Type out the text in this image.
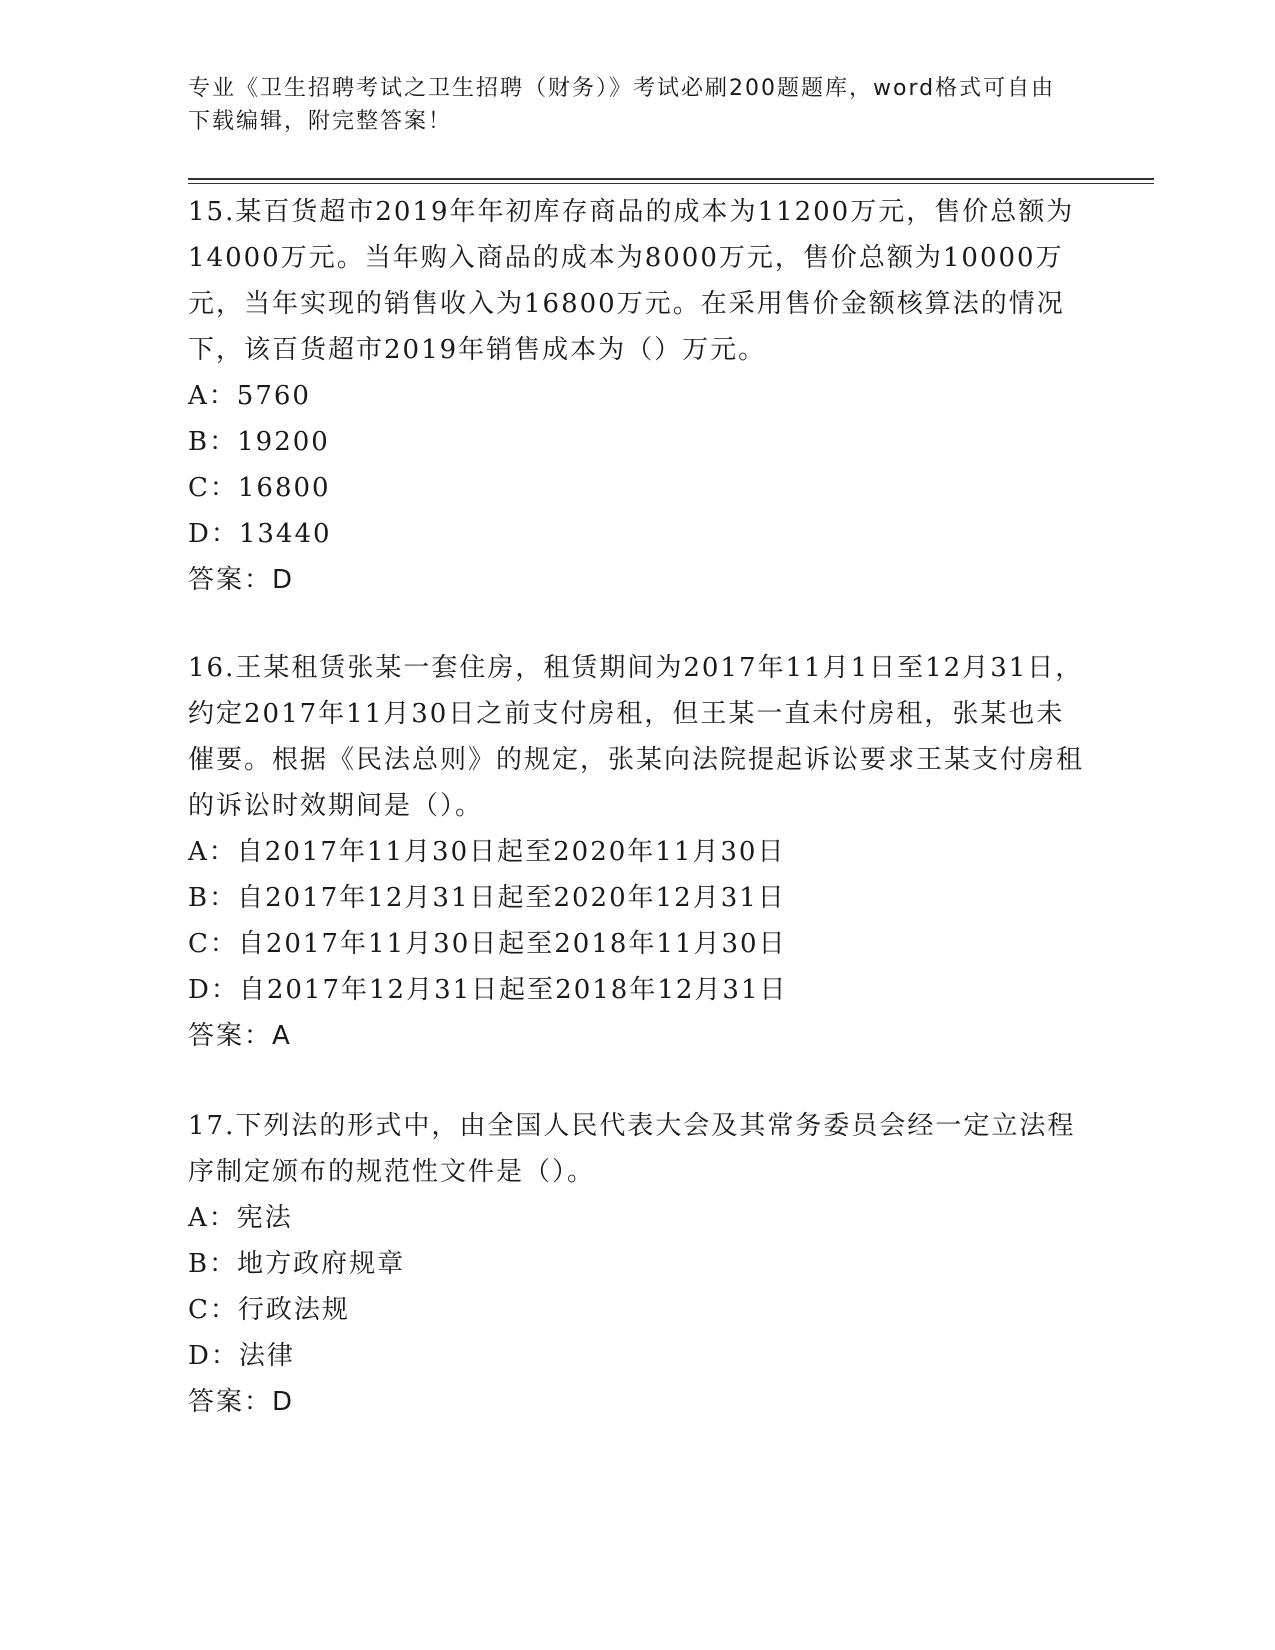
专业《卫生招聘考试之卫生招聘（财务）》考试必刷200题题库，word格式可自由下载编辑，附完整答案！

15.某百货超市2019年年初库存商品的成本为11200万元，售价总额为14000万元。当年购入商品的成本为8000万元，售价总额为10000万元，当年实现的销售收入为16800万元。在采用售价金额核算法的情况下，该百货超市2019年销售成本为（）万元。

A：5760

B：19200

C：16800

D：13440

答案：D

16.王某租赁张某一套住房，租赁期间为2017年11月1日至12月31日，约定2017年11月30日之前支付房租，但王某一直未付房租，张某也未催要。根据《民法总则》的规定，张某向法院提起诉讼要求王某支付房租的诉讼时效期间是（）。

A：自2017年11月30日起至2020年11月30日

B：自2017年12月31日起至2020年12月31日

C：自2017年11月30日起至2018年11月30日

D：自2017年12月31日起至2018年12月31日

答案：A

17.下列法的形式中，由全国人民代表大会及其常务委员会经一定立法程序制定颁布的规范性文件是（）。

A：宪法

B：地方政府规章

C：行政法规

D：法律

答案：D
